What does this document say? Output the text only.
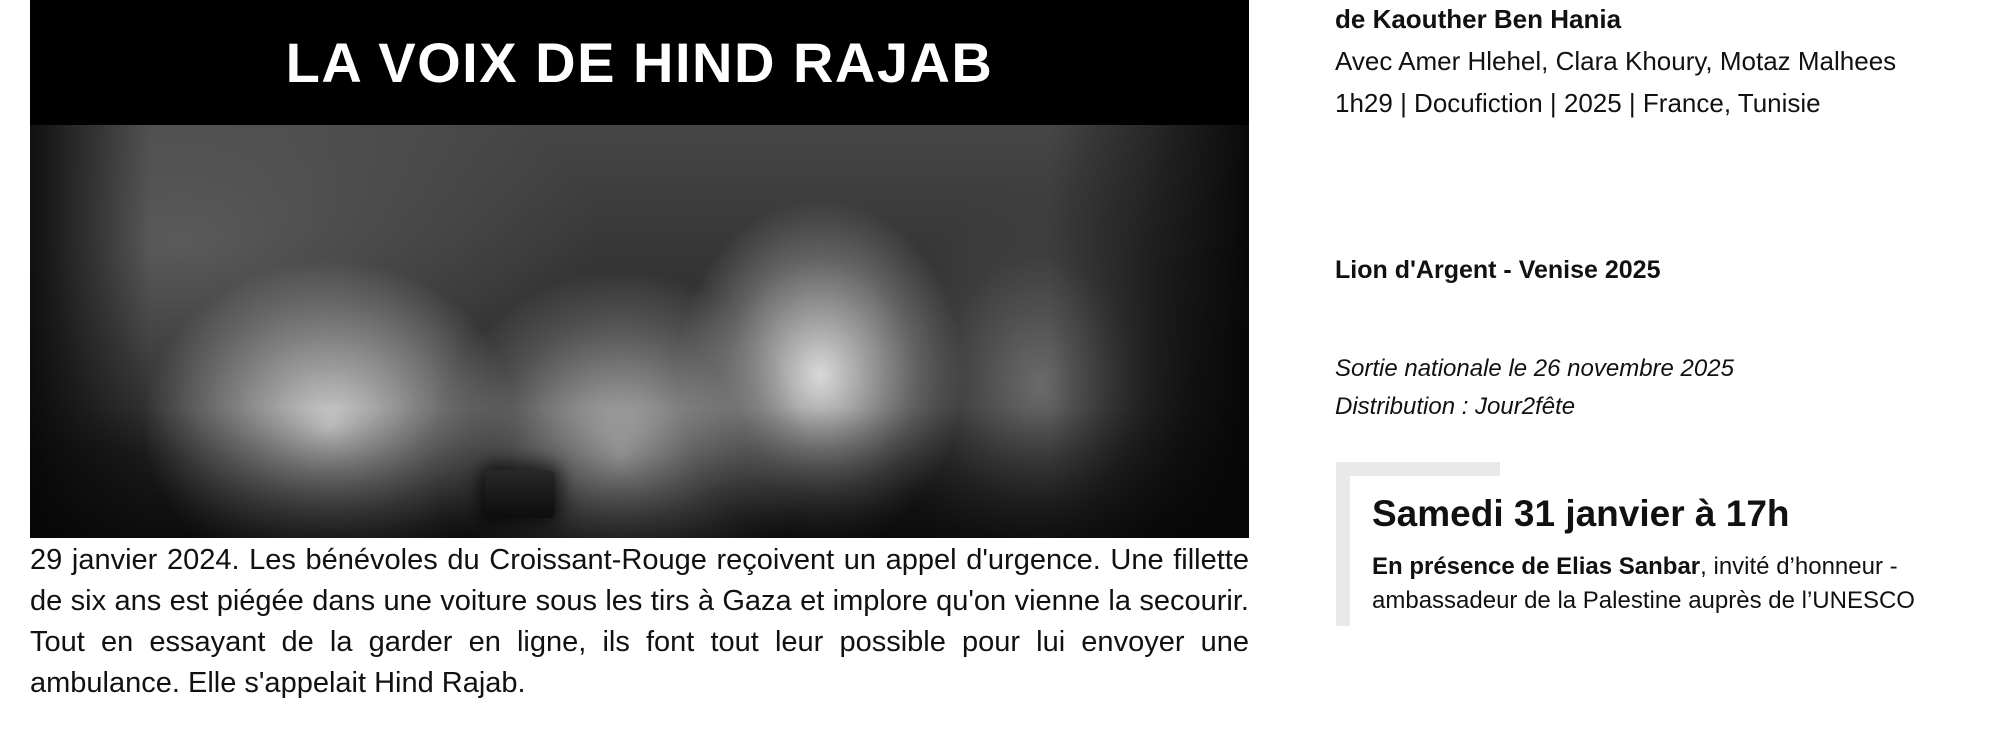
LA VOIX DE HIND RAJAB
29 janvier 2024. Les bénévoles du Croissant-Rouge reçoivent un appel d'urgence. Une fillette de six ans est piégée dans une voiture sous les tirs à Gaza et implore qu'on vienne la secourir. Tout en essayant de la garder en ligne, ils font tout leur possible pour lui envoyer une ambulance. Elle s'appelait Hind Rajab.
de Kaouther Ben Hania
Avec Amer Hlehel, Clara Khoury, Motaz Malhees
1h29 | Docufiction | 2025 | France, Tunisie
Lion d'Argent - Venise 2025
Sortie nationale le 26 novembre 2025
Distribution : Jour2fête
Samedi 31 janvier à 17h
En présence de Elias Sanbar, invité d’honneur - ambassadeur de la Palestine auprès de l’UNESCO
